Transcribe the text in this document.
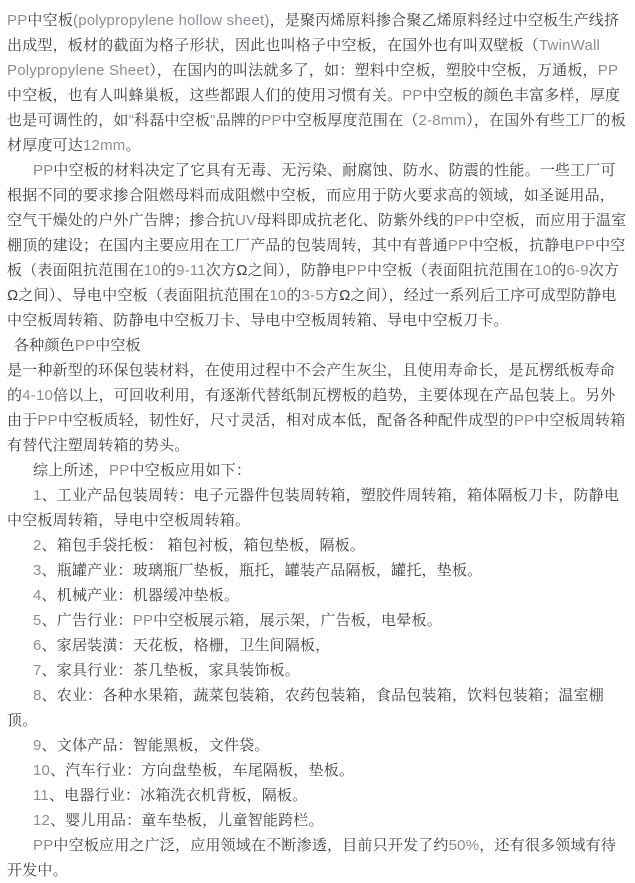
PP中空板(polypropylene hollow sheet)，是聚丙烯原料掺合聚乙烯原料经过中空板生产线挤出成型，板材的截面为格子形状，因此也叫格子中空板，在国外也有叫双壁板（TwinWall Polypropylene Sheet），在国内的叫法就多了，如：塑料中空板，塑胶中空板，万通板，PP中空板，也有人叫蜂巢板，这些都跟人们的使用习惯有关。PP中空板的颜色丰富多样，厚度也是可调性的，如"科磊中空板"品牌的PP中空板厚度范围在（2-8mm），在国外有些工厂的板材厚度可达12mm。

PP中空板的材料决定了它具有无毒、无污染、耐腐蚀、防水、防震的性能。一些工厂可根据不同的要求掺合阻燃母料而成阻燃中空板，而应用于防火要求高的领域，如圣诞用品，空气干燥处的户外广告牌；掺合抗UV母料即成抗老化、防紫外线的PP中空板，而应用于温室棚顶的建设；在国内主要应用在工厂产品的包装周转，其中有普通PP中空板，抗静电PP中空板（表面阻抗范围在10的9-11次方Ω之间），防静电PP中空板（表面阻抗范围在10的6-9次方Ω之间）、导电中空板（表面阻抗范围在10的3-5方Ω之间），经过一系列后工序可成型防静电中空板周转箱、防静电中空板刀卡、导电中空板周转箱、导电中空板刀卡。

各种颜色PP中空板

是一种新型的环保包装材料，在使用过程中不会产生灰尘，且使用寿命长，是瓦楞纸板寿命的4-10倍以上，可回收利用，有逐渐代替纸制瓦楞板的趋势，主要体现在产品包装上。另外由于PP中空板质轻，韧性好，尺寸灵活，相对成本低，配备各种配件成型的PP中空板周转箱有替代注塑周转箱的势头。

综上所述，PP中空板应用如下：

1、工业产品包装周转：电子元器件包装周转箱，塑胶件周转箱，箱体隔板刀卡，防静电中空板周转箱，导电中空板周转箱。

2、箱包手袋托板： 箱包衬板，箱包垫板，隔板。

3、瓶罐产业：玻璃瓶厂垫板，瓶托，罐装产品隔板，罐托，垫板。

4、机械产业：机器缓冲垫板。

5、广告行业：PP中空板展示箱，展示架，广告板，电晕板。

6、家居装潢：天花板，格栅，卫生间隔板，

7、家具行业：茶几垫板，家具装饰板。

8、农业：各种水果箱，蔬菜包装箱，农药包装箱，食品包装箱，饮料包装箱；温室棚顶。

9、文体产品：智能黑板，文件袋。

10、汽车行业：方向盘垫板，车尾隔板，垫板。

11、电器行业：冰箱洗衣机背板，隔板。

12、婴儿用品：童车垫板，儿童智能跨栏。

PP中空板应用之广泛，应用领域在不断渗透，目前只开发了约50%，还有很多领域有待开发中。
